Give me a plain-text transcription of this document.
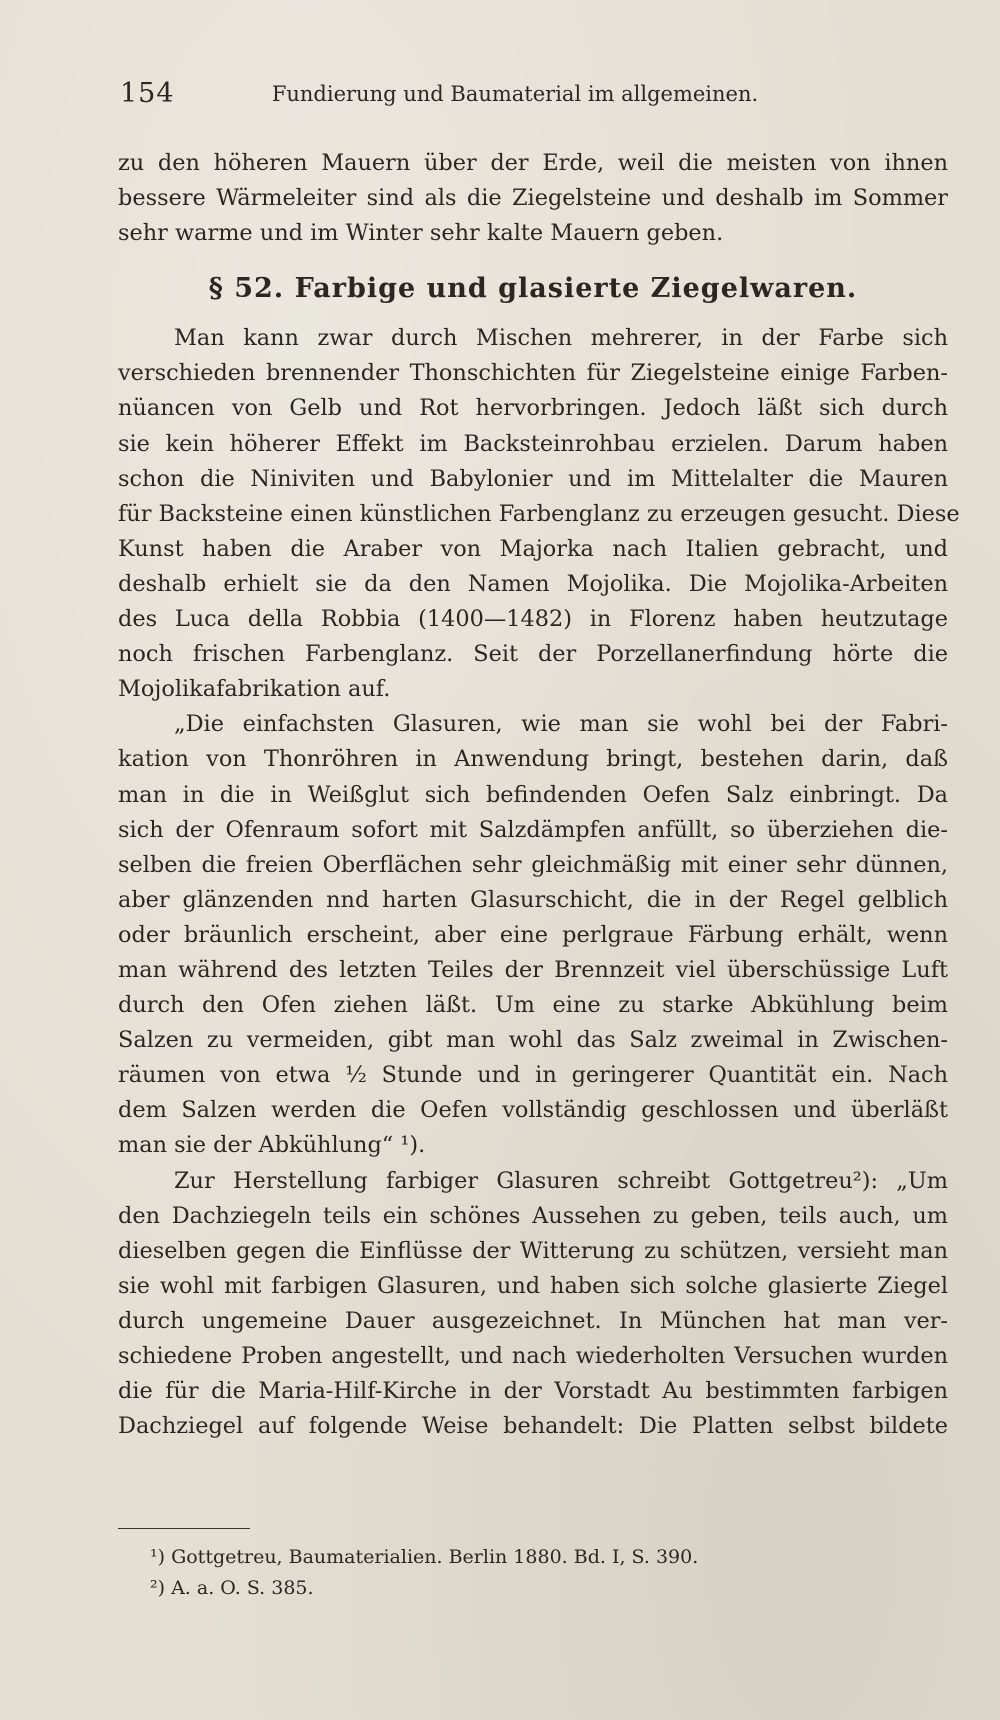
154	Fundierung und Baumaterial im allgemeinen.
zu den höheren Mauern über der Erde, weil die meisten von ihnen
bessere Wärmeleiter sind als die Ziegelsteine und deshalb im Sommer
sehr warme und im Winter sehr kalte Mauern geben.
§ 52. Farbige und glasierte Ziegelwaren.
Man kann zwar durch Mischen mehrerer, in der Farbe sich
verschieden brennender Thonschichten für Ziegelsteine einige Farben-
nüancen von Gelb und Rot hervorbringen. Jedoch läßt sich durch
sie kein höherer Effekt im Backsteinrohbau erzielen. Darum haben
schon die Niniviten und Babylonier und im Mittelalter die Mauren
für Backsteine einen künstlichen Farbenglanz zu erzeugen gesucht. Diese
Kunst haben die Araber von Majorka nach Italien gebracht, und
deshalb erhielt sie da den Namen Mojolika. Die Mojolika-Arbeiten
des Luca della Robbia (1400—1482) in Florenz haben heutzutage
noch frischen Farbenglanz. Seit der Porzellanerfindung hörte die
Mojolikafabrikation auf.
„Die einfachsten Glasuren, wie man sie wohl bei der Fabri-
kation von Thonröhren in Anwendung bringt, bestehen darin, daß
man in die in Weißglut sich befindenden Oefen Salz einbringt. Da
sich der Ofenraum sofort mit Salzdämpfen anfüllt, so überziehen die-
selben die freien Oberflächen sehr gleichmäßig mit einer sehr dünnen,
aber glänzenden nnd harten Glasurschicht, die in der Regel gelblich
oder bräunlich erscheint, aber eine perlgraue Färbung erhält, wenn
man während des letzten Teiles der Brennzeit viel überschüssige Luft
durch den Ofen ziehen läßt. Um eine zu starke Abkühlung beim
Salzen zu vermeiden, gibt man wohl das Salz zweimal in Zwischen-
räumen von etwa ½ Stunde und in geringerer Quantität ein. Nach
dem Salzen werden die Oefen vollständig geschlossen und überläßt
man sie der Abkühlung“ ¹).
Zur Herstellung farbiger Glasuren schreibt Gottgetreu²): „Um
den Dachziegeln teils ein schönes Aussehen zu geben, teils auch, um
dieselben gegen die Einflüsse der Witterung zu schützen, versieht man
sie wohl mit farbigen Glasuren, und haben sich solche glasierte Ziegel
durch ungemeine Dauer ausgezeichnet. In München hat man ver-
schiedene Proben angestellt, und nach wiederholten Versuchen wurden
die für die Maria-Hilf-Kirche in der Vorstadt Au bestimmten farbigen
Dachziegel auf folgende Weise behandelt: Die Platten selbst bildete
¹) Gottgetreu, Baumaterialien. Berlin 1880. Bd. I, S. 390.
²) A. a. O. S. 385.
